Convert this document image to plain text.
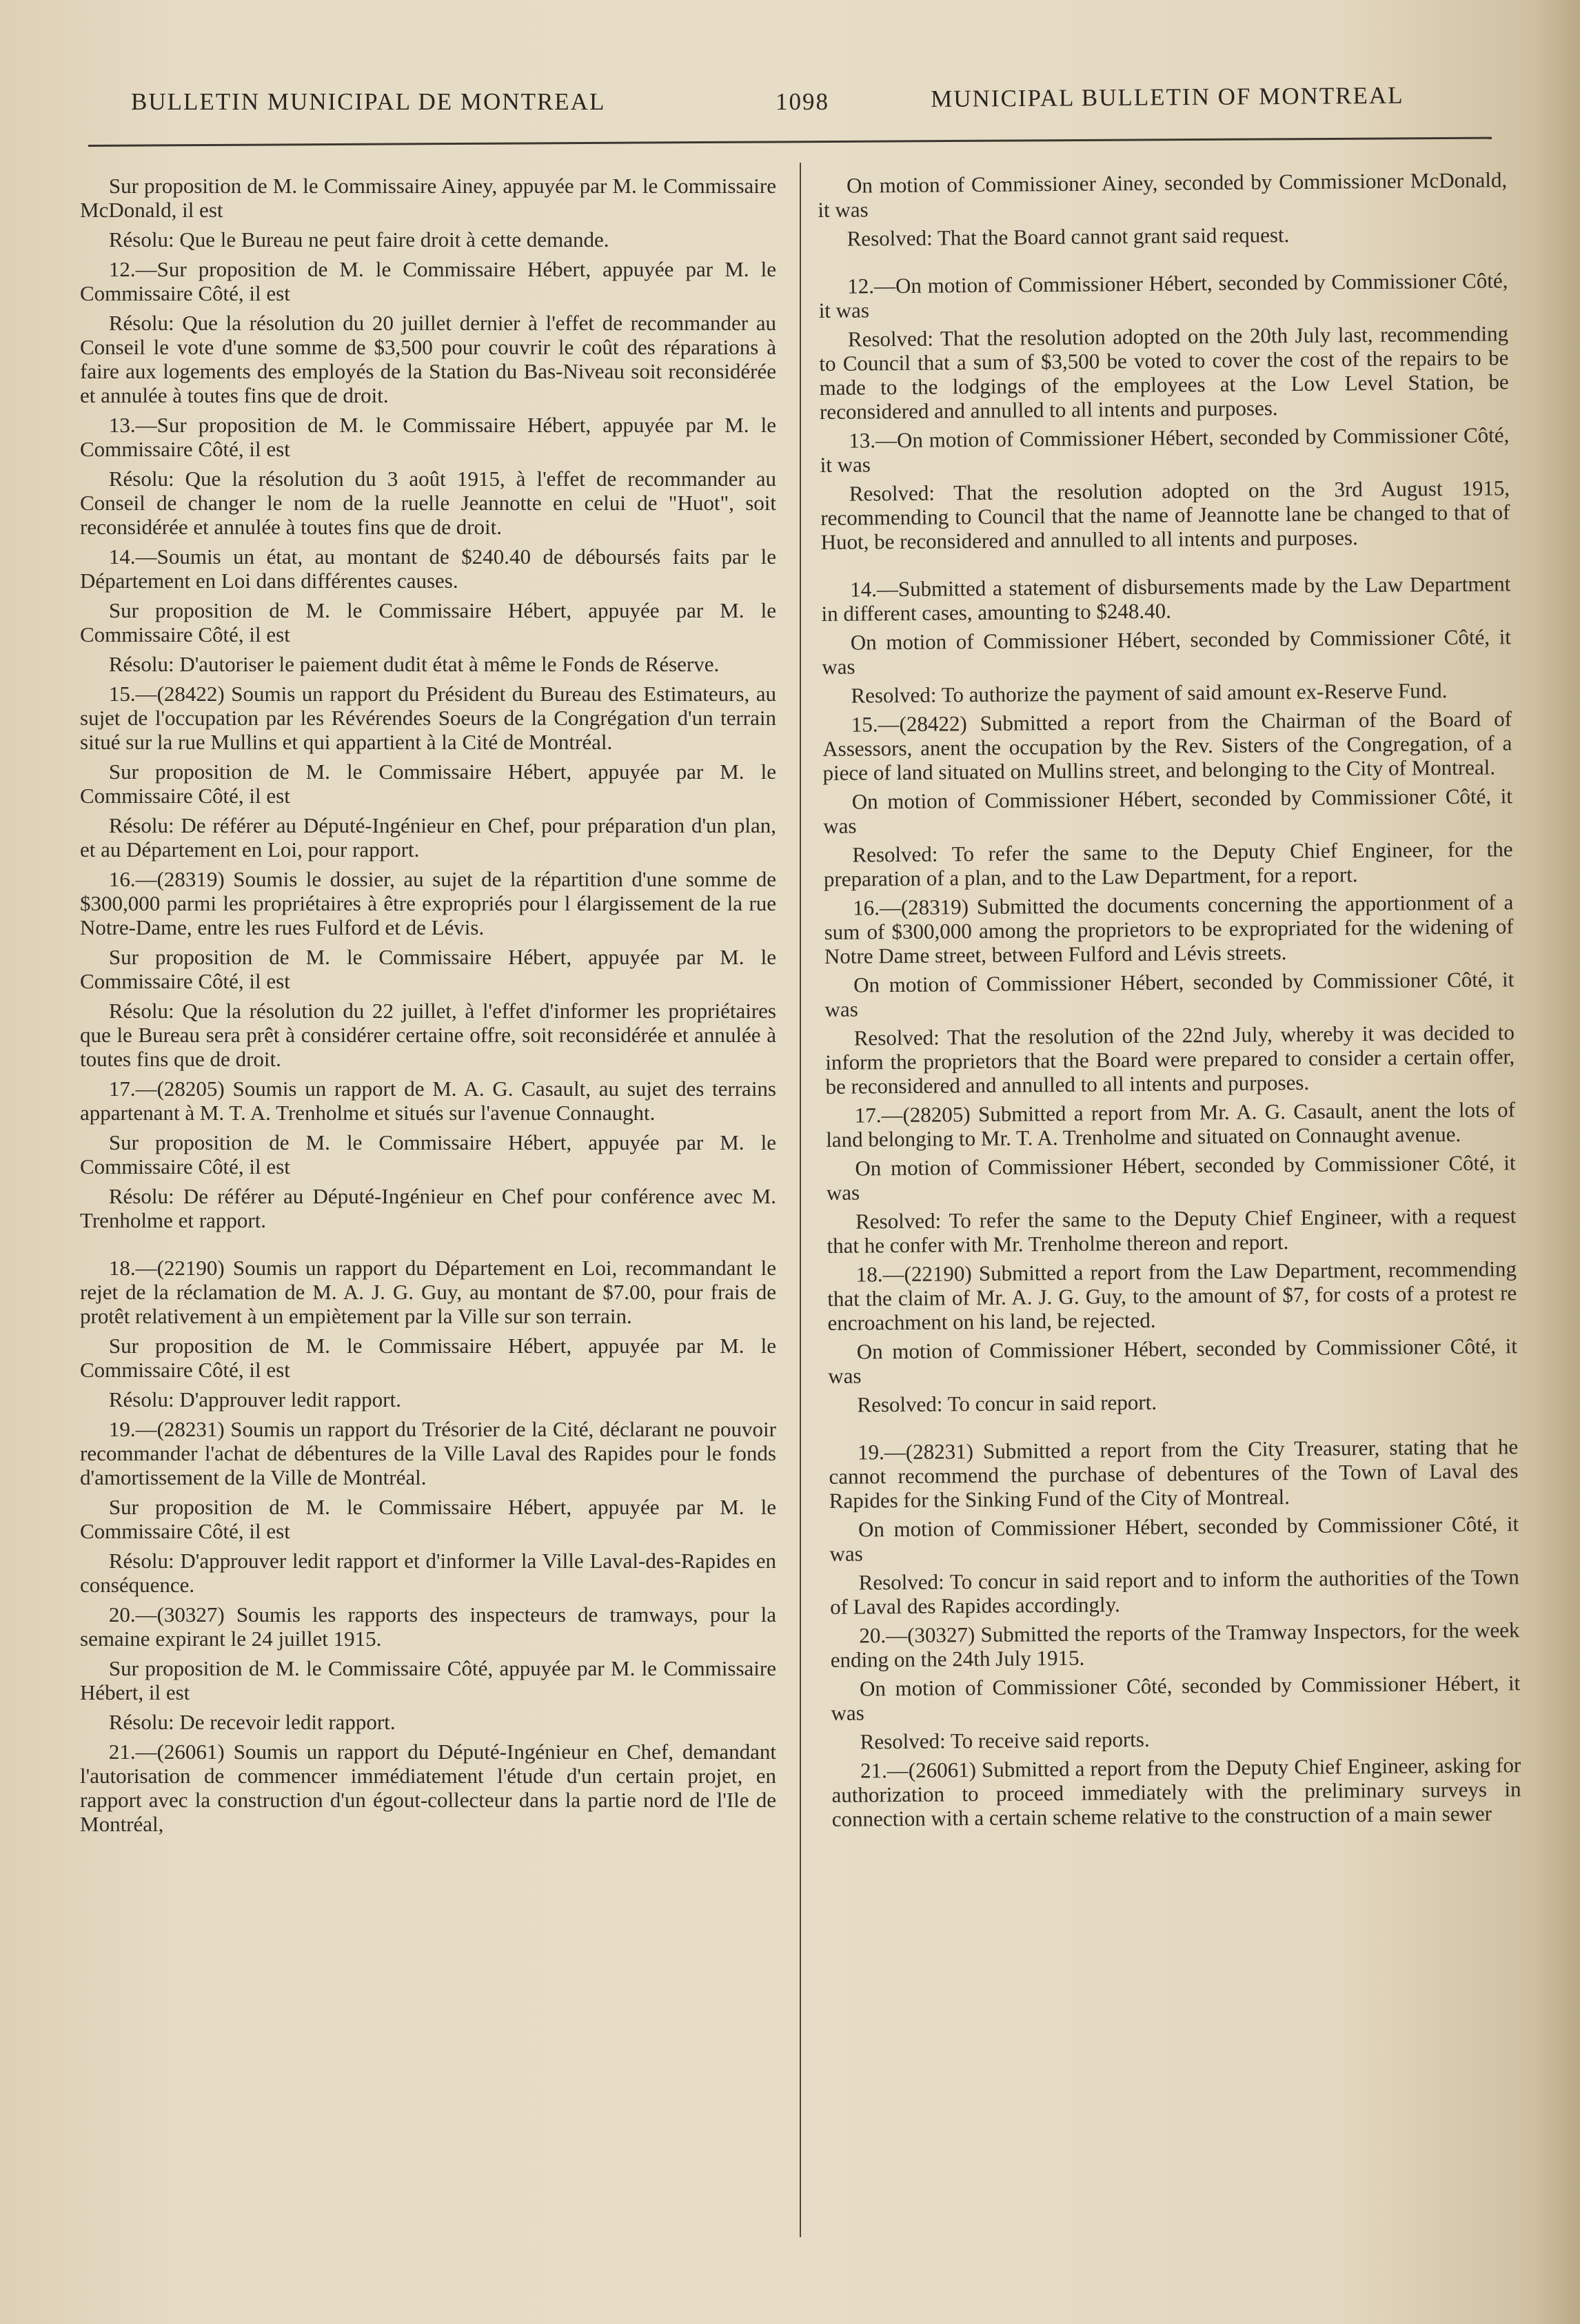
BULLETIN MUNICIPAL DE MONTREAL	1098	MUNICIPAL BULLETIN OF MONTREAL

Sur proposition de M. le Commissaire Ainey, appuyée par M. le Commissaire McDonald, il est

Résolu: Que le Bureau ne peut faire droit à cette demande.

12.—Sur proposition de M. le Commissaire Hébert, appuyée par M. le Commissaire Côté, il est

Résolu: Que la résolution du 20 juillet dernier à l'effet de recommander au Conseil le vote d'une somme de $3,500 pour couvrir le coût des réparations à faire aux logements des employés de la Station du Bas-Niveau soit reconsidérée et annulée à toutes fins que de droit.

13.—Sur proposition de M. le Commissaire Hébert, appuyée par M. le Commissaire Côté, il est

Résolu: Que la résolution du 3 août 1915, à l'effet de recommander au Conseil de changer le nom de la ruelle Jeannotte en celui de "Huot", soit reconsidérée et annulée à toutes fins que de droit.

14.—Soumis un état, au montant de $240.40 de déboursés faits par le Département en Loi dans différentes causes.

Sur proposition de M. le Commissaire Hébert, appuyée par M. le Commissaire Côté, il est

Résolu: D'autoriser le paiement dudit état à même le Fonds de Réserve.

15.—(28422) Soumis un rapport du Président du Bureau des Estimateurs, au sujet de l'occupation par les Révérendes Soeurs de la Congrégation d'un terrain situé sur la rue Mullins et qui appartient à la Cité de Montréal.

Sur proposition de M. le Commissaire Hébert, appuyée par M. le Commissaire Côté, il est

Résolu: De référer au Député-Ingénieur en Chef, pour préparation d'un plan, et au Département en Loi, pour rapport.

16.—(28319) Soumis le dossier, au sujet de la répartition d'une somme de $300,000 parmi les propriétaires à être expropriés pour l élargissement de la rue Notre-Dame, entre les rues Fulford et de Lévis.

Sur proposition de M. le Commissaire Hébert, appuyée par M. le Commissaire Côté, il est

Résolu: Que la résolution du 22 juillet, à l'effet d'informer les propriétaires que le Bureau sera prêt à considérer certaine offre, soit reconsidérée et annulée à toutes fins que de droit.

17.—(28205) Soumis un rapport de M. A. G. Casault, au sujet des terrains appartenant à M. T. A. Trenholme et situés sur l'avenue Connaught.

Sur proposition de M. le Commissaire Hébert, appuyée par M. le Commissaire Côté, il est

Résolu: De référer au Député-Ingénieur en Chef pour conférence avec M. Trenholme et rapport.

18.—(22190) Soumis un rapport du Département en Loi, recommandant le rejet de la réclamation de M. A. J. G. Guy, au montant de $7.00, pour frais de protêt relativement à un empiètement par la Ville sur son terrain.

Sur proposition de M. le Commissaire Hébert, appuyée par M. le Commissaire Côté, il est

Résolu: D'approuver ledit rapport.

19.—(28231) Soumis un rapport du Trésorier de la Cité, déclarant ne pouvoir recommander l'achat de débentures de la Ville Laval des Rapides pour le fonds d'amortissement de la Ville de Montréal.

Sur proposition de M. le Commissaire Hébert, appuyée par M. le Commissaire Côté, il est

Résolu: D'approuver ledit rapport et d'informer la Ville Laval-des-Rapides en conséquence.

20.—(30327) Soumis les rapports des inspecteurs de tramways, pour la semaine expirant le 24 juillet 1915.

Sur proposition de M. le Commissaire Côté, appuyée par M. le Commissaire Hébert, il est

Résolu: De recevoir ledit rapport.

21.—(26061) Soumis un rapport du Député-Ingénieur en Chef, demandant l'autorisation de commencer immédiatement l'étude d'un certain projet, en rapport avec la construction d'un égout-collecteur dans la partie nord de l'Ile de Montréal,

On motion of Commissioner Ainey, seconded by Commissioner McDonald, it was

Resolved: That the Board cannot grant said request.

12.—On motion of Commissioner Hébert, seconded by Commissioner Côté, it was

Resolved: That the resolution adopted on the 20th July last, recommending to Council that a sum of $3,500 be voted to cover the cost of the repairs to be made to the lodgings of the employees at the Low Level Station, be reconsidered and annulled to all intents and purposes.

13.—On motion of Commissioner Hébert, seconded by Commissioner Côté, it was

Resolved: That the resolution adopted on the 3rd August 1915, recommending to Council that the name of Jeannotte lane be changed to that of Huot, be reconsidered and annulled to all intents and purposes.

14.—Submitted a statement of disbursements made by the Law Department in different cases, amounting to $248.40.

On motion of Commissioner Hébert, seconded by Commissioner Côté, it was

Resolved: To authorize the payment of said amount ex-Reserve Fund.

15.—(28422) Submitted a report from the Chairman of the Board of Assessors, anent the occupation by the Rev. Sisters of the Congregation, of a piece of land situated on Mullins street, and belonging to the City of Montreal.

On motion of Commissioner Hébert, seconded by Commissioner Côté, it was

Resolved: To refer the same to the Deputy Chief Engineer, for the preparation of a plan, and to the Law Department, for a report.

16.—(28319) Submitted the documents concerning the apportionment of a sum of $300,000 among the proprietors to be expropriated for the widening of Notre Dame street, between Fulford and Lévis streets.

On motion of Commissioner Hébert, seconded by Commissioner Côté, it was

Resolved: That the resolution of the 22nd July, whereby it was decided to inform the proprietors that the Board were prepared to consider a certain offer, be reconsidered and annulled to all intents and purposes.

17.—(28205) Submitted a report from Mr. A. G. Casault, anent the lots of land belonging to Mr. T. A. Trenholme and situated on Connaught avenue.

On motion of Commissioner Hébert, seconded by Commissioner Côté, it was

Resolved: To refer the same to the Deputy Chief Engineer, with a request that he confer with Mr. Trenholme thereon and report.

18.—(22190) Submitted a report from the Law Department, recommending that the claim of Mr. A. J. G. Guy, to the amount of $7, for costs of a protest re encroachment on his land, be rejected.

On motion of Commissioner Hébert, seconded by Commissioner Côté, it was

Resolved: To concur in said report.

19.—(28231) Submitted a report from the City Treasurer, stating that he cannot recommend the purchase of debentures of the Town of Laval des Rapides for the Sinking Fund of the City of Montreal.

On motion of Commissioner Hébert, seconded by Commissioner Côté, it was

Resolved: To concur in said report and to inform the authorities of the Town of Laval des Rapides accordingly.

20.—(30327) Submitted the reports of the Tramway Inspectors, for the week ending on the 24th July 1915.

On motion of Commissioner Côté, seconded by Commissioner Hébert, it was

Resolved: To receive said reports.

21.—(26061) Submitted a report from the Deputy Chief Engineer, asking for authorization to proceed immediately with the preliminary surveys in connection with a certain scheme relative to the construction of a main sewer
